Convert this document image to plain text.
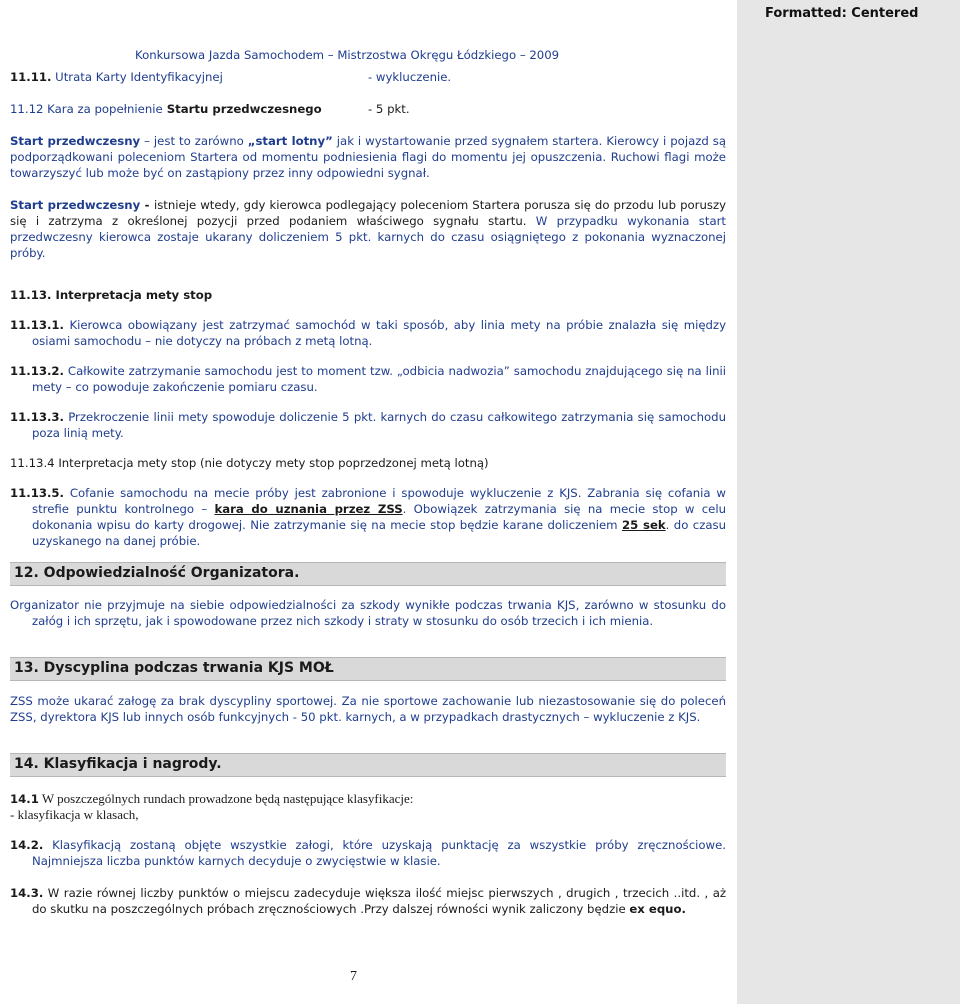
Formatted: Centered
Konkursowa Jazda Samochodem – Mistrzostwa Okręgu Łódzkiego – 2009
11.11. Utrata Karty Identyfikacyjnej	- wykluczenie.
11.12 Kara za popełnienie Startu przedwczesnego	- 5 pkt.
Start przedwczesny – jest to zarówno „start lotny” jak i wystartowanie przed sygnałem startera. Kierowcy i pojazd są podporządkowani poleceniom Startera od momentu podniesienia flagi do momentu jej opuszczenia. Ruchowi flagi może towarzyszyć lub może być on zastąpiony przez inny odpowiedni sygnał.
Start przedwczesny - istnieje wtedy, gdy kierowca podlegający poleceniom Startera porusza się do przodu lub poruszy się i zatrzyma z określonej pozycji przed podaniem właściwego sygnału startu. W przypadku wykonania start przedwczesny kierowca zostaje ukarany doliczeniem 5 pkt. karnych do czasu osiągniętego z pokonania wyznaczonej próby.
11.13. Interpretacja mety stop
11.13.1. Kierowca obowiązany jest zatrzymać samochód w taki sposób, aby linia mety na próbie znalazła się między osiami samochodu – nie dotyczy na próbach z metą lotną.
11.13.2. Całkowite zatrzymanie samochodu jest to moment tzw. „odbicia nadwozia” samochodu znajdującego się na linii mety – co powoduje zakończenie pomiaru czasu.
11.13.3. Przekroczenie linii mety spowoduje doliczenie 5 pkt. karnych do czasu całkowitego zatrzymania się samochodu poza linią mety.
11.13.4 Interpretacja mety stop (nie dotyczy mety stop poprzedzonej metą lotną)
11.13.5. Cofanie samochodu na mecie próby jest zabronione i spowoduje wykluczenie z KJS. Zabrania się cofania w strefie punktu kontrolnego – kara do uznania przez ZSS. Obowiązek zatrzymania się na mecie stop w celu dokonania wpisu do karty drogowej. Nie zatrzymanie się na mecie stop będzie karane doliczeniem 25 sek. do czasu uzyskanego na danej próbie.
12. Odpowiedzialność Organizatora.
Organizator nie przyjmuje na siebie odpowiedzialności za szkody wynikłe podczas trwania KJS, zarówno w stosunku do załóg i ich sprzętu, jak i spowodowane przez nich szkody i straty w stosunku do osób trzecich i ich mienia.
13. Dyscyplina podczas trwania KJS MOŁ
ZSS może ukarać załogę za brak dyscypliny sportowej. Za nie sportowe zachowanie lub niezastosowanie się do poleceń ZSS, dyrektora KJS lub innych osób funkcyjnych - 50 pkt. karnych, a w przypadkach drastycznych – wykluczenie z KJS.
14. Klasyfikacja i nagrody.
14.1 W poszczególnych rundach prowadzone będą następujące klasyfikacje:
- klasyfikacja w klasach,
14.2. Klasyfikacją zostaną objęte wszystkie załogi, które uzyskają punktację za wszystkie próby zręcznościowe. Najmniejsza liczba punktów karnych decyduje o zwycięstwie w klasie.
14.3. W razie równej liczby punktów o miejscu zadecyduje większa ilość miejsc pierwszych , drugich , trzecich ..itd. , aż do skutku na poszczególnych próbach zręcznościowych .Przy dalszej równości wynik zaliczony będzie ex equo.
7
